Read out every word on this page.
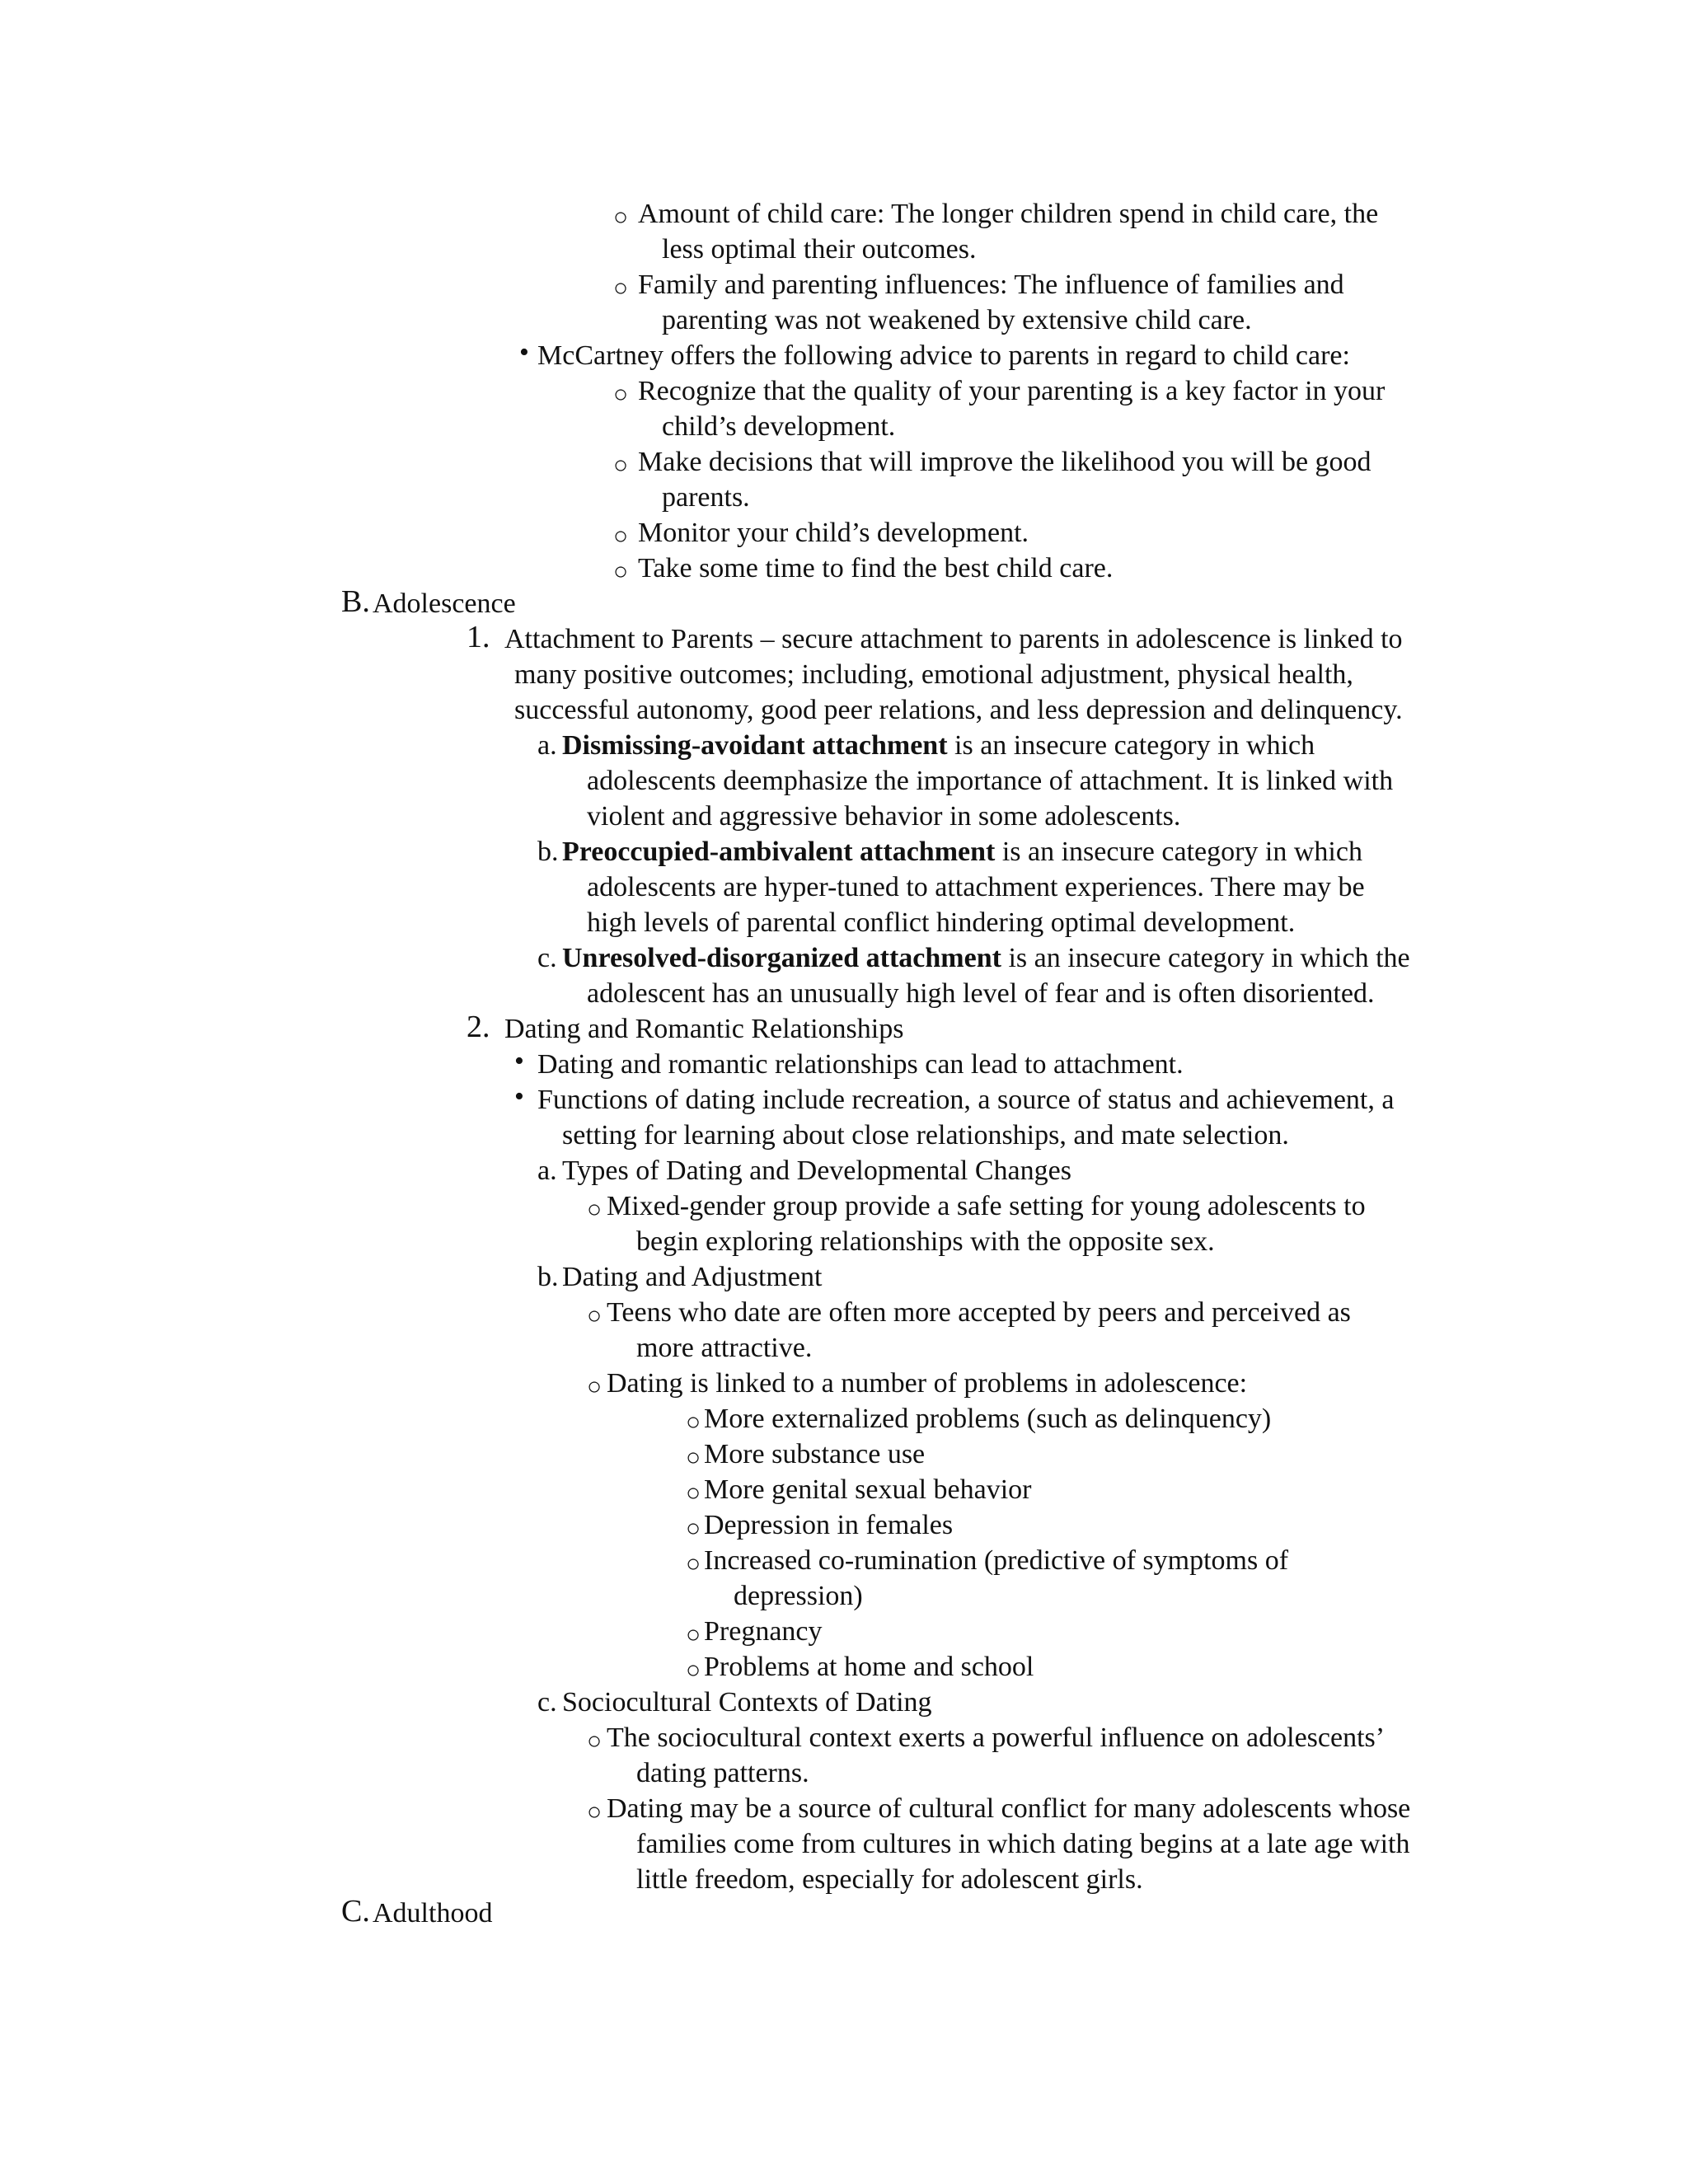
○ Amount of child care: The longer children spend in child care, the
less optimal their outcomes.
○ Family and parenting influences: The influence of families and
parenting was not weakened by extensive child care.
• McCartney offers the following advice to parents in regard to child care:
○ Recognize that the quality of your parenting is a key factor in your
child’s development.
○ Make decisions that will improve the likelihood you will be good
parents.
○ Monitor your child’s development.
○ Take some time to find the best child care.
B. Adolescence
1. Attachment to Parents – secure attachment to parents in adolescence is linked to
many positive outcomes; including, emotional adjustment, physical health,
successful autonomy, good peer relations, and less depression and delinquency.
a. Dismissing-avoidant attachment is an insecure category in which
adolescents deemphasize the importance of attachment. It is linked with
violent and aggressive behavior in some adolescents.
b. Preoccupied-ambivalent attachment is an insecure category in which
adolescents are hyper-tuned to attachment experiences. There may be
high levels of parental conflict hindering optimal development.
c. Unresolved-disorganized attachment is an insecure category in which the
adolescent has an unusually high level of fear and is often disoriented.
2. Dating and Romantic Relationships
• Dating and romantic relationships can lead to attachment.
• Functions of dating include recreation, a source of status and achievement, a
setting for learning about close relationships, and mate selection.
a. Types of Dating and Developmental Changes
○ Mixed-gender group provide a safe setting for young adolescents to
begin exploring relationships with the opposite sex.
b. Dating and Adjustment
○ Teens who date are often more accepted by peers and perceived as
more attractive.
○ Dating is linked to a number of problems in adolescence:
○ More externalized problems (such as delinquency)
○ More substance use
○ More genital sexual behavior
○ Depression in females
○ Increased co-rumination (predictive of symptoms of
depression)
○ Pregnancy
○ Problems at home and school
c. Sociocultural Contexts of Dating
○ The sociocultural context exerts a powerful influence on adolescents’
dating patterns.
○ Dating may be a source of cultural conflict for many adolescents whose
families come from cultures in which dating begins at a late age with
little freedom, especially for adolescent girls.
C. Adulthood
